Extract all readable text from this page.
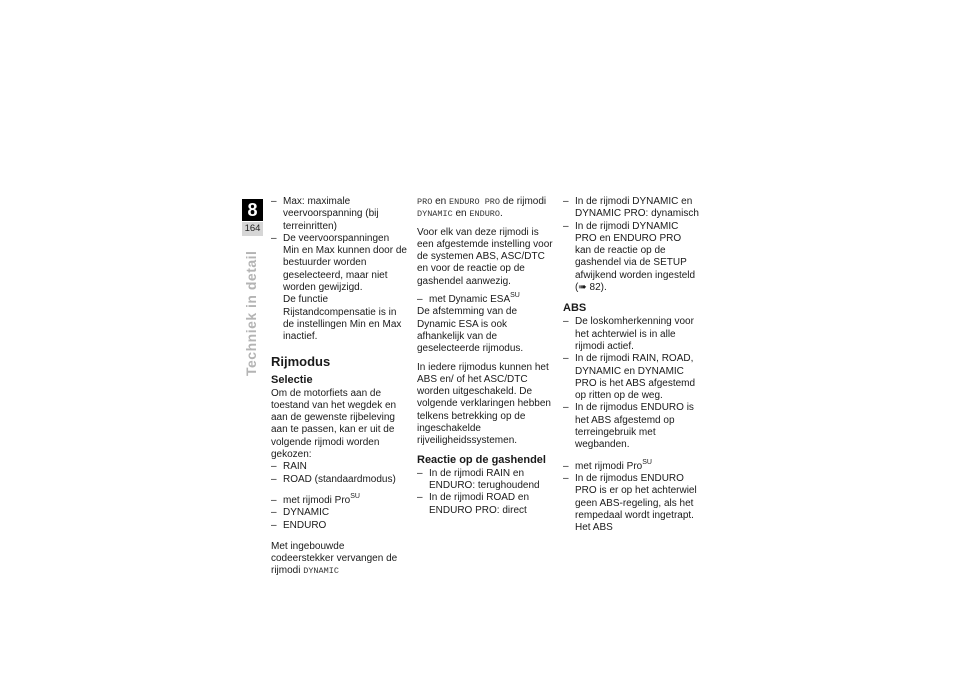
8
164
Techniek in detail
– Max: maximale veervoorspanning (bij terreinritten)
– De veervoorspanningen Min en Max kunnen door de bestuurder worden geselecteerd, maar niet worden gewijzigd.
De functie Rijstandcompensatie is in de instellingen Min en Max inactief.
Rijmodus
Selectie

Om de motorfiets aan de toestand van het wegdek en aan de gewenste rijbeleving aan te passen, kan er uit de volgende rijmodi worden gekozen:

– RAIN
– ROAD (standaardmodus)
– met rijmodi Pro$^{SU}$
– DYNAMIC
– ENDURO

Met ingebouwde codeerstekker vervangen de rijmodi DYNAMIC

PRO en ENDURO PRO de rijmodi DYNAMIC en ENDURO.

Voor elk van deze rijmodi is een afgestemde instelling voor de systemen ABS, ASC/DTC en voor de reactie op de gashendel aanwezig.

– met Dynamic $ESA^{SU}$

De afstemming van de Dynamic ESA is ook afhankelijk van de geselecteerde rijmodus.

In iedere rijmodus kunnen het ABS en/ of het ASC/DTC worden uitgeschakeld. De volgende verklaringen hebben telkens betrekking op de ingeschakelde rijveiligheidssystemen.

Reactie op de gashendel
– In de rijmodi RAIN en ENDURO: terughoudend
– In de rijmodi ROAD en ENDURO PRO: direct
– In de rijmodi DYNAMIC en DYNAMIC PRO: dynamisch
– In de rijmodi DYNAMIC PRO en ENDURO PRO kan de reactie op de gashendel via de SETUP afwijkend worden ingesteld (➠ 82).
ABS
– De loskomherkenning voor het achterwiel is in alle rijmodi actief.
– In de rijmodi RAIN, ROAD, DYNAMIC en DYNAMIC PRO is het ABS afgestemd op ritten op de weg.
– In de rijmodus ENDURO is het ABS afgestemd op terreingebruik met wegbanden.
– met rijmodi Pro$^{SU}$
– In de rijmodus ENDURO PRO is er op het achterwiel geen ABS-regeling, als het rempedaal wordt ingetrapt. Het ABS
